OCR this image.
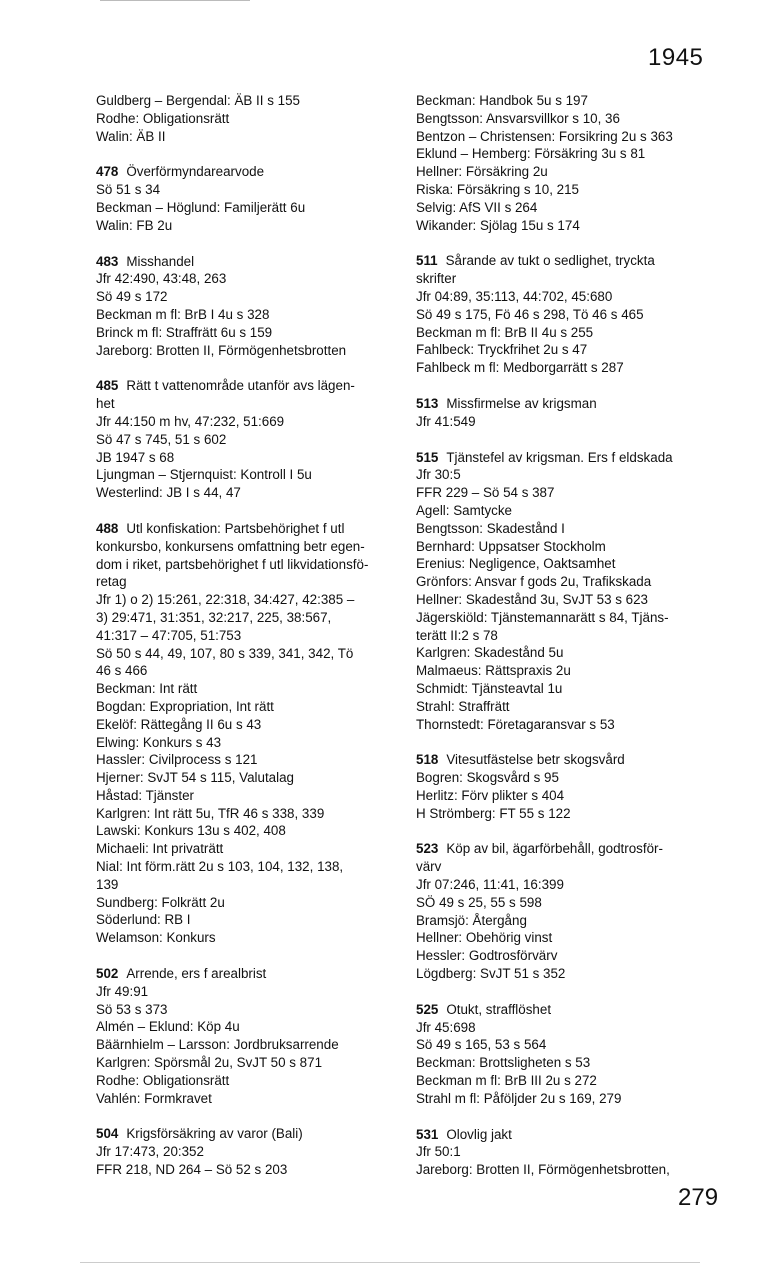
1945
Guldberg – Bergendal: ÄB II s 155
Rodhe: Obligationsrätt
Walin: ÄB II
478 Överförmyndarearvode
Sö 51 s 34
Beckman – Höglund: Familjerätt 6u
Walin: FB 2u
483 Misshandel
Jfr 42:490, 43:48, 263
Sö 49 s 172
Beckman m fl: BrB I 4u s 328
Brinck m fl: Straffrätt 6u s 159
Jareborg: Brotten II, Förmögenhetsbrotten
485 Rätt t vattenområde utanför avs lägen-
het
Jfr 44:150 m hv, 47:232, 51:669
Sö 47 s 745, 51 s 602
JB 1947 s 68
Ljungman – Stjernquist: Kontroll I 5u
Westerlind: JB I s 44, 47
488 Utl konfiskation: Partsbehörighet f utl
konkursbo, konkursens omfattning betr egen-
dom i riket, partsbehörighet f utl likvidationsfö-
retag
Jfr 1) o 2) 15:261, 22:318, 34:427, 42:385 –
3) 29:471, 31:351, 32:217, 225, 38:567,
41:317 – 47:705, 51:753
Sö 50 s 44, 49, 107, 80 s 339, 341, 342, Tö
46 s 466
Beckman: Int rätt
Bogdan: Expropriation, Int rätt
Ekelöf: Rättegång II 6u s 43
Elwing: Konkurs s 43
Hassler: Civilprocess s 121
Hjerner: SvJT 54 s 115, Valutalag
Håstad: Tjänster
Karlgren: Int rätt 5u, TfR 46 s 338, 339
Lawski: Konkurs 13u s 402, 408
Michaeli: Int privaträtt
Nial: Int förm.rätt 2u s 103, 104, 132, 138,
139
Sundberg: Folkrätt 2u
Söderlund: RB I
Welamson: Konkurs
502 Arrende, ers f arealbrist
Jfr 49:91
Sö 53 s 373
Almén – Eklund: Köp 4u
Bäärnhielm – Larsson: Jordbruksarrende
Karlgren: Spörsmål 2u, SvJT 50 s 871
Rodhe: Obligationsrätt
Vahlén: Formkravet
504 Krigsförsäkring av varor (Bali)
Jfr 17:473, 20:352
FFR 218, ND 264 – Sö 52 s 203
Beckman: Handbok 5u s 197
Bengtsson: Ansvarsvillkor s 10, 36
Bentzon – Christensen: Forsikring 2u s 363
Eklund – Hemberg: Försäkring 3u s 81
Hellner: Försäkring 2u
Riska: Försäkring s 10, 215
Selvig: AfS VII s 264
Wikander: Sjölag 15u s 174
511 Sårande av tukt o sedlighet, tryckta
skrifter
Jfr 04:89, 35:113, 44:702, 45:680
Sö 49 s 175, Fö 46 s 298, Tö 46 s 465
Beckman m fl: BrB II 4u s 255
Fahlbeck: Tryckfrihet 2u s 47
Fahlbeck m fl: Medborgarrätt s 287
513 Missfirmelse av krigsman
Jfr 41:549
515 Tjänstefel av krigsman. Ers f eldskada
Jfr 30:5
FFR 229 – Sö 54 s 387
Agell: Samtycke
Bengtsson: Skadestånd I
Bernhard: Uppsatser Stockholm
Erenius: Negligence, Oaktsamhet
Grönfors: Ansvar f gods 2u, Trafikskada
Hellner: Skadestånd 3u, SvJT 53 s 623
Jägerskiöld: Tjänstemannarätt s 84, Tjäns-
terätt II:2 s 78
Karlgren: Skadestånd 5u
Malmaeus: Rättspraxis 2u
Schmidt: Tjänsteavtal 1u
Strahl: Straffrätt
Thornstedt: Företagaransvar s 53
518 Vitesutfästelse betr skogsvård
Bogren: Skogsvård s 95
Herlitz: Förv plikter s 404
H Strömberg: FT 55 s 122
523 Köp av bil, ägarförbehåll, godtrosför-
värv
Jfr 07:246, 11:41, 16:399
SÖ 49 s 25, 55 s 598
Bramsjö: Återgång
Hellner: Obehörig vinst
Hessler: Godtrosförvärv
Lögdberg: SvJT 51 s 352
525 Otukt, strafflöshet
Jfr 45:698
Sö 49 s 165, 53 s 564
Beckman: Brottsligheten s 53
Beckman m fl: BrB III 2u s 272
Strahl m fl: Påföljder 2u s 169, 279
531 Olovlig jakt
Jfr 50:1
Jareborg: Brotten II, Förmögenhetsbrotten,
279
